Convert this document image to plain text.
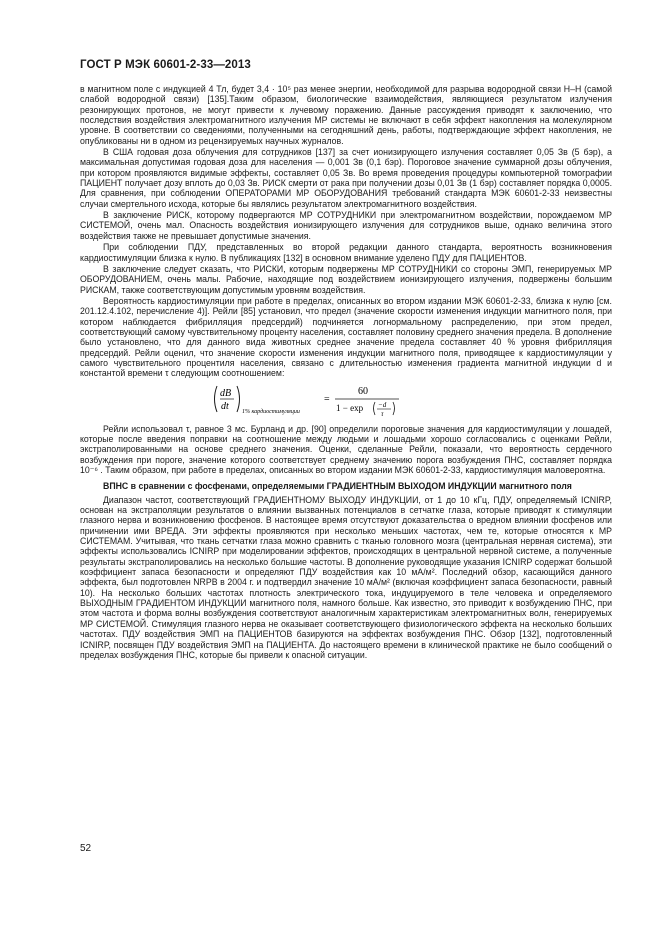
ГОСТ Р МЭК 60601-2-33—2013

в магнитном поле с индукцией 4 Тл, будет 3,4 · 10⁵ раз менее энергии, необходимой для разрыва водородной связи Н–Н (самой слабой водородной связи) [135].Таким образом, биологические взаимодействия, являющиеся результатом излучения резонирующих протонов, не могут привести к лучевому поражению. Данные рассуждения приводят к заключению, что последствия воздействия электромагнитного излучения МР системы не включают в себя эффект накопления на молекулярном уровне. В соответствии со сведениями, полученными на сегодняшний день, работы, подтверждающие эффект накопления, не опубликованы ни в одном из рецензируемых научных журналов.

В США годовая доза облучения для сотрудников [137] за счет ионизирующего излучения составляет 0,05 Зв (5 бэр), а максимальная допустимая годовая доза для населения — 0,001 Зв (0,1 бэр). Пороговое значение суммарной дозы облучения, при котором проявляются видимые эффекты, составляет 0,05 Зв. Во время проведения процедуры компьютерной томографии ПАЦИЕНТ получает дозу вплоть до 0,03 Зв. РИСК смерти от рака при получении дозы 0,01 Зв (1 бэр) составляет порядка 0,0005. Для сравнения, при соблюдении ОПЕРАТОРАМИ МР ОБОРУДОВАНИЯ требований стандарта МЭК 60601-2-33 неизвестны случаи смертельного исхода, которые бы являлись результатом электромагнитного воздействия.

В заключение РИСК, которому подвергаются МР СОТРУДНИКИ при электромагнитном воздействии, порождаемом МР СИСТЕМОЙ, очень мал. Опасность воздействия ионизирующего излучения для сотрудников выше, однако величина этого воздействия также не превышает допустимые значения.

При соблюдении ПДУ, представленных во второй редакции данного стандарта, вероятность возникновения кардиостимуляции близка к нулю. В публикациях [132] в основном внимание уделено ПДУ для ПАЦИЕНТОВ.

В заключение следует сказать, что РИСКИ, которым подвержены МР СОТРУДНИКИ со стороны ЭМП, генерируемых МР ОБОРУДОВАНИЕМ, очень малы. Рабочие, находящие под воздействием ионизирующего излучения, подвержены большим РИСКАМ, также соответствующим допустимым уровням воздействия.

Вероятность кардиостимуляции при работе в пределах, описанных во втором издании МЭК 60601-2-33, близка к нулю [см. 201.12.4.102, перечисление 4)]. Рейли [85] установил, что предел (значение скорости изменения индукции магнитного поля, при котором наблюдается фибрилляция предсердий) подчиняется логнормальному распределению, при этом предел, соответствующий самому чувствительному проценту населения, составляет половину среднего значения предела. В дополнение было установлено, что для данного вида животных среднее значение предела составляет 40 % уровня фибрилляция предсердий. Рейли оценил, что значение скорости изменения индукции магнитного поля, приводящее к кардиостимуляции у самого чувствительного процентиля населения, связано с длительностью изменения градиента магнитной индукции d и константой времени τ следующим соотношением:

dB
dt 1% кардиостимуляции
=
60
1 − exp −d
τ

Рейли использовал τ, равное 3 мс. Бурланд и др. [90] определили пороговые значения для кардиостимуляции у лошадей, которые после введения поправки на соотношение между людьми и лошадьми хорошо согласовались с оценками Рейли, экстраполированными на основе среднего значения. Оценки, сделанные Рейли, показали, что вероятность сердечного возбуждения при пороге, значение которого соответствует среднему значению порога возбуждения ПНС, составляет порядка 10⁻⁶ . Таким образом, при работе в пределах, описанных во втором издании МЭК 60601-2-33, кардиостимуляция маловероятна.

ВПНС в сравнении с фосфенами, определяемыми ГРАДИЕНТНЫМ ВЫХОДОМ ИНДУКЦИИ магнитного поля

Диапазон частот, соответствующий ГРАДИЕНТНОМУ ВЫХОДУ ИНДУКЦИИ, от 1 до 10 кГц, ПДУ, определяемый ICNIRP, основан на экстраполяции результатов о влиянии вызванных потенциалов в сетчатке глаза, которые приводят к стимуляции глазного нерва и возникновению фосфенов. В настоящее время отсутствуют доказательства о вредном влиянии фосфенов или причинении ими ВРЕДА. Эти эффекты проявляются при несколько меньших частотах, чем те, которые относятся к МР СИСТЕМАМ. Учитывая, что ткань сетчатки глаза можно сравнить с тканью головного мозга (центральная нервная система), эти эффекты использовались ICNIRP при моделировании эффектов, происходящих в центральной нервной системе, а полученные результаты экстраполировались на несколько большие частоты. В дополнение руководящие указания ICNIRP содержат большой коэффициент запаса безопасности и определяют ПДУ воздействия как 10 мА/м². Последний обзор, касающийся данного эффекта, был подготовлен NRPB в 2004 г. и подтвердил значение 10 мА/м² (включая коэффициент запаса безопасности, равный 10). На несколько больших частотах плотность электрического тока, индуцируемого в теле человека и определяемого ВЫХОДНЫМ ГРАДИЕНТОМ ИНДУКЦИИ магнитного поля, намного больше. Как известно, это приводит к возбуждению ПНС, при этом частота и форма волны возбуждения соответствуют аналогичным характеристикам электромагнитных волн, генерируемых МР СИСТЕМОЙ. Стимуляция глазного нерва не оказывает соответствующего физиологического эффекта на несколько больших частотах. ПДУ воздействия ЭМП на ПАЦИЕНТОВ базируются на эффектах возбуждения ПНС. Обзор [132], подготовленный ICNIRP, посвящен ПДУ воздействия ЭМП на ПАЦИЕНТА. До настоящего времени в клинической практике не было сообщений о пределах возбуждения ПНС, которые бы привели к опасной ситуации.

52
